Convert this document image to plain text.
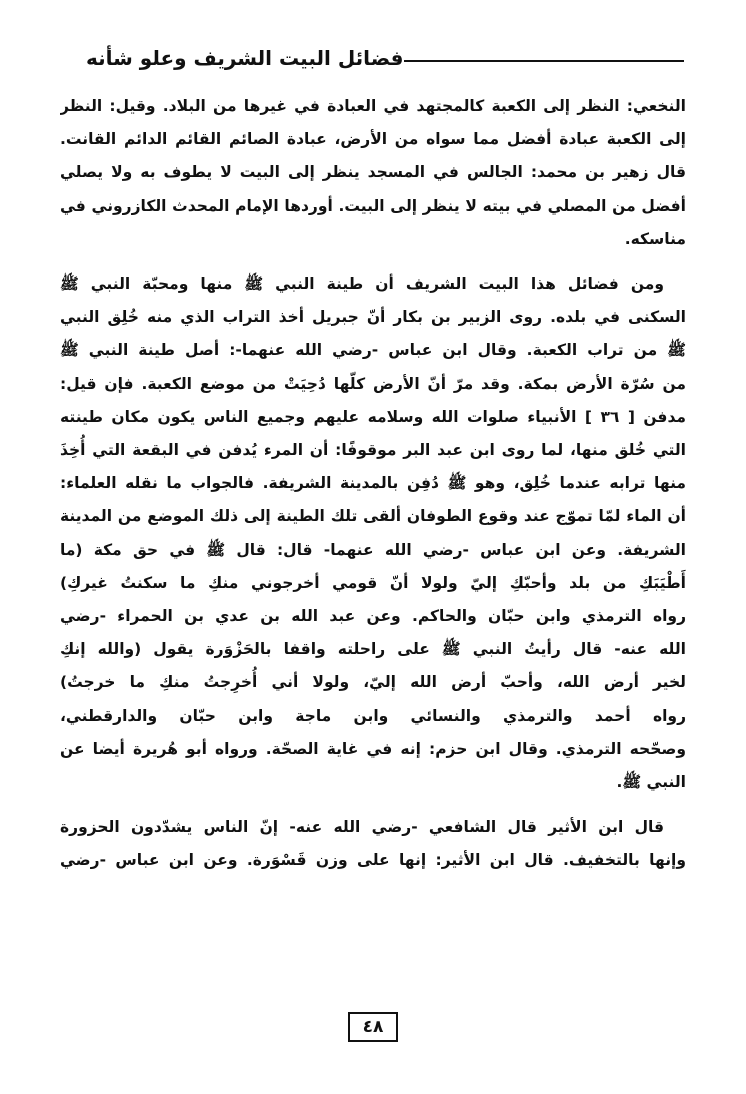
فضائل البيت الشريف وعلو شأنه
النخعي: النظر إلى الكعبة كالمجتهد في العبادة في غيرها من البلاد. وقيل: النظر
إلى الكعبة عبادة أفضل مما سواه من الأرض، عبادة الصائم القائم الدائم القانت.
قال زهير بن محمد: الجالس في المسجد ينظر إلى البيت لا يطوف به ولا يصلي
أفضل من المصلي في بيته لا ينظر إلى البيت. أوردها الإمام المحدث الكازروني في
مناسكه.
ومن فضائل هذا البيت الشريف أن طينة النبي ﷺ منها ومحبّة النبي ﷺ
السكنى في بلده. روى الزبير بن بكار أنّ جبريل أخذ التراب الذي منه خُلِق النبي
ﷺ من تراب الكعبة. وقال ابن عباس -رضي الله عنهما-: أصل طينة النبي ﷺ
من سُرّة الأرض بمكة. وقد مرّ أنّ الأرض كلّها دُحِيَتْ من موضع الكعبة. فإن قيل:
مدفن [ ٣٦ ] الأنبياء صلوات الله وسلامه عليهم وجميع الناس يكون مكان طينته
التي خُلق منها، لما روى ابن عبد البر موقوفًا: أن المرء يُدفن في البقعة التي أُخِذَ
منها ترابه عندما خُلِق، وهو ﷺ دُفِن بالمدينة الشريفة. فالجواب ما نقله العلماء:
أن الماء لمّا تموّج عند وقوع الطوفان ألقى تلك الطينة إلى ذلك الموضع من المدينة
الشريفة. وعن ابن عباس -رضي الله عنهما- قال: قال ﷺ في حق مكة (ما
أَطْيَبَكِ من بلد وأحبّكِ إليّ ولولا أنّ قومي أخرجوني منكِ ما سكنتُ غيركِ)
رواه الترمذي وابن حبّان والحاكم. وعن عبد الله بن عدي بن الحمراء -رضي
الله عنه- قال رأيتُ النبي ﷺ على راحلته واقفا بالحَزْوَرة يقول (والله إنكِ
لخير أرض الله، وأحبّ أرض الله إليّ، ولولا أني أُخرِجتُ منكِ ما خرجتُ)
رواه أحمد والترمذي والنسائي وابن ماجة وابن حبّان والدارقطني،
وصحّحه الترمذي. وقال ابن حزم: إنه في غاية الصحّة. ورواه أبو هُريرة أيضا عن
النبي ﷺ.
قال ابن الأثير قال الشافعي -رضي الله عنه- إنّ الناس يشدّدون الحزورة
وإنها بالتخفيف. قال ابن الأثير: إنها على وزن قَسْوَرة. وعن ابن عباس -رضي
٤٨
